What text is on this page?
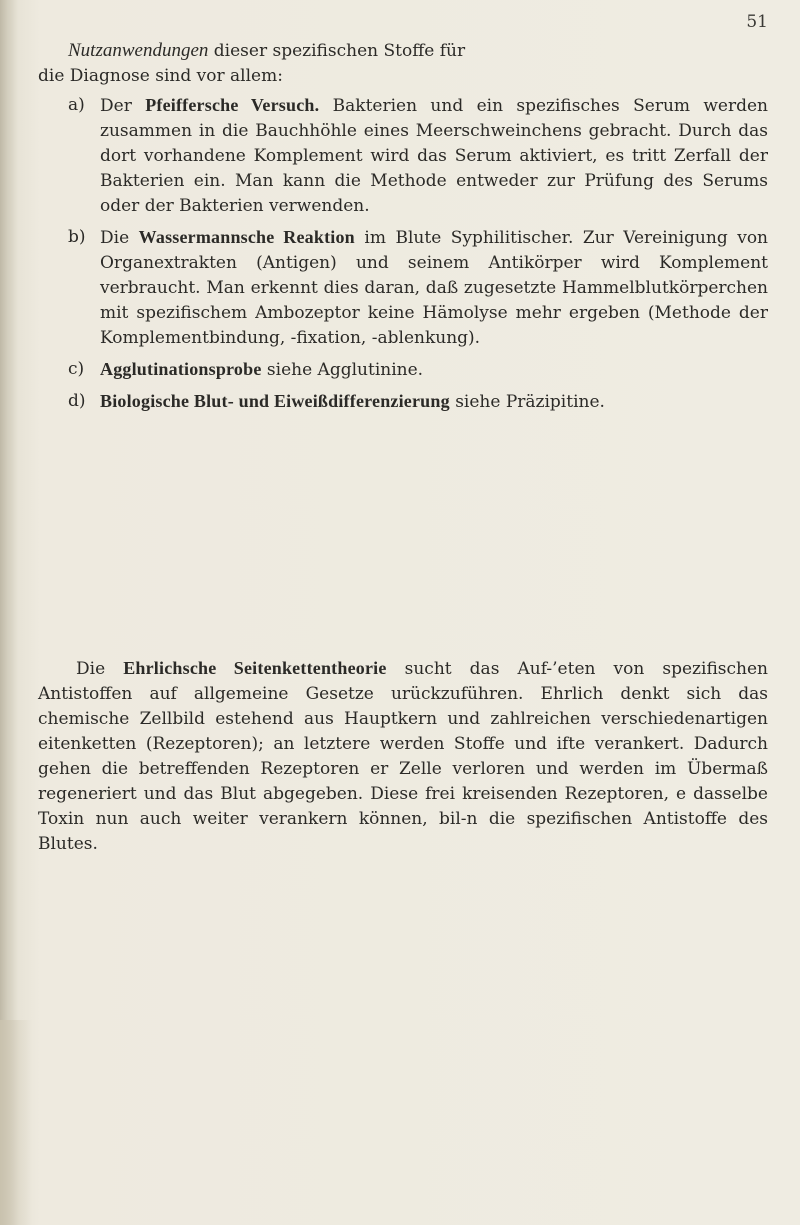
51

Nutzanwendungen dieser spezifischen Stoffe für
die Diagnose sind vor allem:

a) Der Pfeiffersche Versuch. Bakterien und ein spezifisches Serum werden zusammen in die Bauchhöhle eines Meerschweinchens gebracht. Durch das dort vorhandene Komplement wird das Serum aktiviert, es tritt Zerfall der Bakterien ein. Man kann die Methode entweder zur Prüfung des Serums oder der Bakterien verwenden.
b) Die Wassermannsche Reaktion im Blute Syphilitischer. Zur Vereinigung von Organextrakten (Antigen) und seinem Antikörper wird Komplement verbraucht. Man erkennt dies daran, daß zugesetzte Hammelblutkörperchen mit spezifischem Ambozeptor keine Hämolyse mehr ergeben (Methode der Komplementbindung, -fixation, -ablenkung).
c) Agglutinationsprobe siehe Agglutinine.
d) Biologische Blut- und Eiweißdifferenzierung siehe Präzipitine.

Die Ehrlichsche Seitenkettentheorie sucht das Auf-​’eten von spezifischen Antistoffen auf allgemeine Gesetze urückzuführen. Ehrlich denkt sich das chemische Zellbild estehend aus Hauptkern und zahlreichen verschiedenartigen eitenketten (Rezeptoren); an letztere werden Stoffe und ifte verankert. Dadurch gehen die betreffenden Rezeptoren er Zelle verloren und werden im Übermaß regeneriert und das Blut abgegeben. Diese frei kreisenden Rezeptoren, e dasselbe Toxin nun auch weiter verankern können, bil-​n die spezifischen Antistoffe des Blutes.
